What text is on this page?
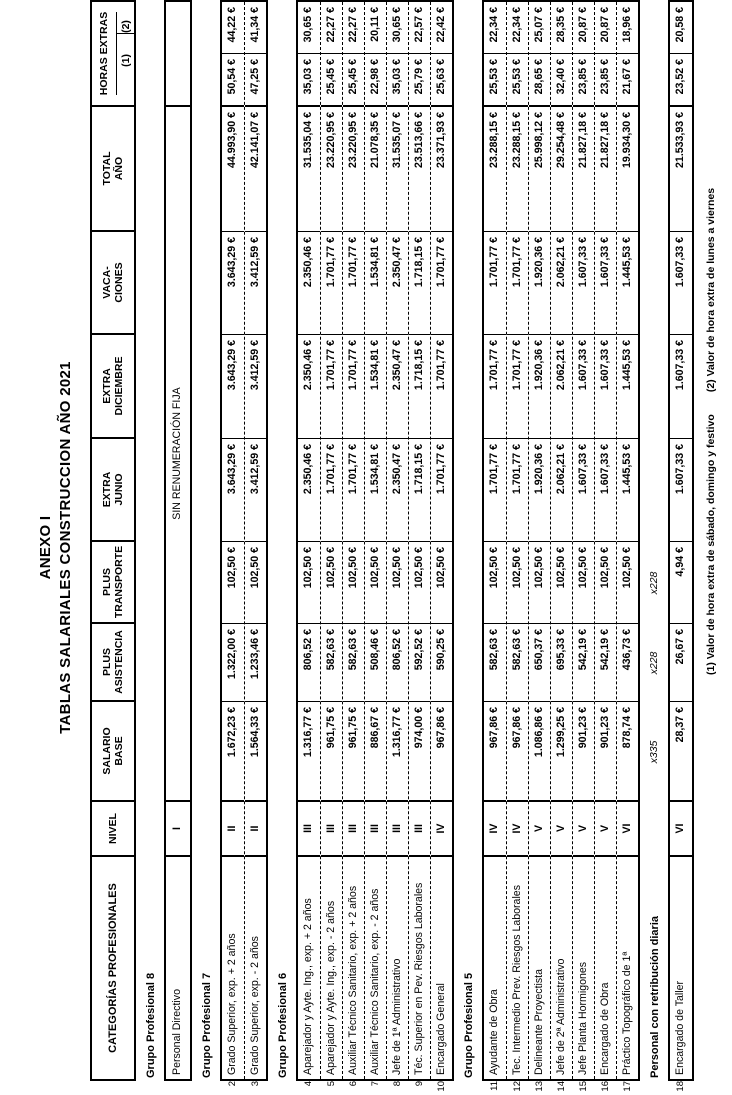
ANEXO I TABLAS SALARIALES CONSTRUCCION AÑO 2021
CATEGORÍAS PROFESIONALES
NIVEL
SALARIO BASE
PLUS ASISTENCIA
PLUS TRANSPORTE
EXTRA JUNIO
EXTRA DICIEMBRE
VACA- CIONES
TOTAL AÑO
HORAS EXTRAS (1)
(2)
Grupo Profesional 8	Personal Directivo
I
SIN RENUMERACIÓN FIJA
Grupo Profesional 7
2
Grado Superior, exp. + 2 años
II
1.672,23 €
1.322,00 €
102,50 €
3.643,29 €
3.643,29 €
3.643,29 €
44.993,90 €
50,54 €
44,22 €
3
Grado Superior, exp. - 2 años
II
1.564,33 €
1.233,46 €
102,50 €
3.412,59 €
3.412,59 €
3.412,59 €
42.141,07 €
47,25 €
41,34 €
Grupo Profesional 6
4
Aparejador y Ayte. Ing., exp. + 2 años
III
1.316,77 €
806,52 €
102,50 €
2.350,46 €
2.350,46 €
2.350,46 €
31.535,04 €
35,03 €
30,65 €
5
Aparejador y Ayte. Ing., exp. - 2 años
III
961,75 €
582,63 €
102,50 €
1.701,77 €
1.701,77 €
1.701,77 €
23.220,95 €
25,45 €
22,27 €
6
Auxiliar Técnico Sanitario, exp. + 2 años
III
961,75 €
582,63 €
102,50 €
1.701,77 €
1.701,77 €
1.701,77 €
23.220,95 €
25,45 €
22,27 €
7
Auxiliar Técnico Sanitario, exp. - 2 años
III
886,67 €
508,46 €
102,50 €
1.534,81 €
1.534,81 €
1.534,81 €
21.078,35 €
22,98 €
20,11 €
8
Jefe de 1ª Administrativo
III
1.316,77 €
806,52 €
102,50 €
2.350,47 €
2.350,47 €
2.350,47 €
31.535,07 €
35,03 €
30,65 €
9
Téc. Superior en Pev. Riesgos Laborales
III
974,00 €
592,52 €
102,50 €
1.718,15 €
1.718,15 €
1.718,15 €
23.513,66 €
25,79 €
22,57 €
10
Encargado General
IV
967,86 €
590,25 €
102,50 €
1.701,77 €
1.701,77 €
1.701,77 €
23.371,93 €
25,63 €
22,42 €
Grupo Profesional 5
11
Ayudante de Obra
IV
967,86 €
582,63 €
102,50 €
1.701,77 €
1.701,77 €
1.701,77 €
23.288,15 €
25,53 €
22,34 €
12
Tec. Intermedio Prev. Riesgos Laborales
IV
967,86 €
582,63 €
102,50 €
1.701,77 €
1.701,77 €
1.701,77 €
23.288,15 €
25,53 €
22,34 €
13
Delineante Proyectista
V
1.086,86 €
650,37 €
102,50 €
1.920,36 €
1.920,36 €
1.920,36 €
25.998,12 €
28,65 €
25,07 €
14
Jefe de 2ª Administrativo
V
1.299,25 €
695,33 €
102,50 €
2.062,21 €
2.062,21 €
2.062,21 €
29.254,48 €
32,40 €
28,35 €
15
Jefe Planta Hormigones
V
901,23 €
542,19 €
102,50 €
1.607,33 €
1.607,33 €
1.607,33 €
21.827,18 €
23,85 €
20,87 €
16
Encargado de Obra
V
901,23 €
542,19 €
102,50 €
1.607,33 €
1.607,33 €
1.607,33 €
21.827,18 €
23,85 €
20,87 €
17
Práctico Topográfico de 1ª
VI
878,74 €
436,73 €
102,50 €
1.445,53 €
1.445,53 €
1.445,53 €
19.934,30 €
21,67 €
18,96 €
Personal con retribución diaria
x335
x228
x228
18
Encargado de Taller
VI
28,37 €
26,67 €
4,94 €
1.607,33 €
1.607,33 €
1.607,33 €
21.533,93 €
23,52 €
20,58 €
(1) Valor de hora extra de sábado, domingo y festivo
(2) Valor de hora extra de lunes a viernes
